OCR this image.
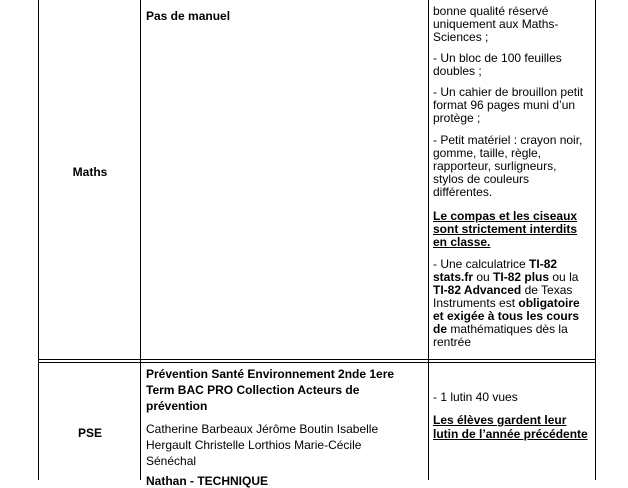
Maths
Pas de manuel	bonne qualité réservé
uniquement aux Maths-
Sciences ;
- Un bloc de 100 feuilles
doubles ;
- Un cahier de brouillon petit
format 96 pages muni d’un
protège ;
- Petit matériel : crayon noir,
gomme, taille, règle,
rapporteur, surligneurs,
stylos de couleurs
différentes.
Le compas et les ciseaux
sont strictement interdits
en classe.
- Une calculatrice TI-82
stats.fr ou TI-82 plus ou la
TI-82 Advanced de Texas
Instruments est obligatoire
et exigée à tous les cours
de mathématiques dès la
rentrée
PSE
Prévention Santé Environnement 2nde 1ere
Term BAC PRO Collection Acteurs de
prévention
Catherine Barbeaux Jérôme Boutin Isabelle
Hergault Christelle Lorthios Marie-Cécile
Sénéchal
Nathan - TECHNIQUE
- 1 lutin 40 vues
Les élèves gardent leur
lutin de l’année précédente
